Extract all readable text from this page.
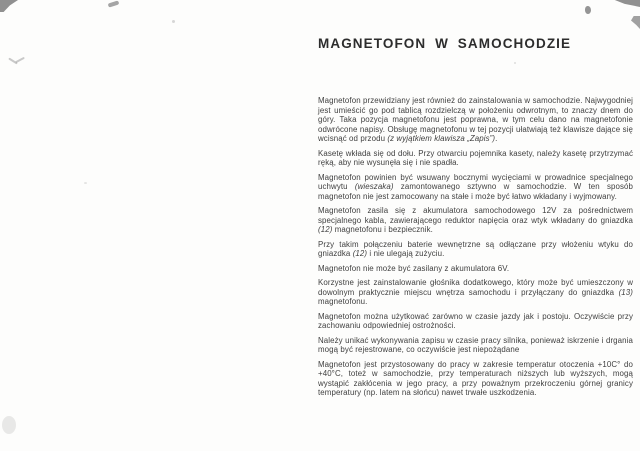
MAGNETOFON W SAMOCHODZIE

Magnetofon przewidziany jest również do zainstalowania w samochodzie. Najwygodniej jest umieścić go pod tablicą rozdzielczą w położeniu odwrotnym, to znaczy dnem do góry. Taka pozycja magnetofonu jest poprawna, w tym celu dano na magnetofonie odwrócone napisy. Obsługę magnetofonu w tej pozycji ułatwiają też klawisze dające się wcisnąć od przodu (z wyjątkiem klawisza „Zapis”).

Kasetę wkłada się od dołu. Przy otwarciu pojemnika kasety, należy kasetę przytrzymać ręką, aby nie wysunęła się i nie spadła.

Magnetofon powinien być wsuwany bocznymi wycięciami w prowadnice specjalnego uchwytu (wieszaka) zamontowanego sztywno w samochodzie. W ten sposób magnetofon nie jest zamocowany na stałe i może być łatwo wkładany i wyjmowany.

Magnetofon zasila się z akumulatora samochodowego 12V za pośrednictwem specjalnego kabla, zawierającego reduktor napięcia oraz wtyk wkładany do gniazdka (12) magnetofonu i bezpiecznik.

Przy takim połączeniu baterie wewnętrzne są odłączane przy włożeniu wtyku do gniazdka (12) i nie ulegają zużyciu.

Magnetofon nie może być zasilany z akumulatora 6V.

Korzystne jest zainstalowanie głośnika dodatkowego, który może być umieszczony w dowolnym praktycznie miejscu wnętrza samochodu i przyłączany do gniazdka (13) magnetofonu.

Magnetofon można użytkować zarówno w czasie jazdy jak i postoju. Oczywiście przy zachowaniu odpowiedniej ostrożności.

Należy unikać wykonywania zapisu w czasie pracy silnika, ponieważ iskrzenie i drgania mogą być rejestrowane, co oczywiście jest niepożądane

Magnetofon jest przystosowany do pracy w zakresie temperatur otoczenia +10C° do +40°C, toteż w samochodzie, przy temperaturach niższych lub wyższych, mogą wystąpić zakłócenia w jego pracy, a przy poważnym przekroczeniu górnej granicy temperatury (np. latem na słońcu) nawet trwałe uszkodzenia.
